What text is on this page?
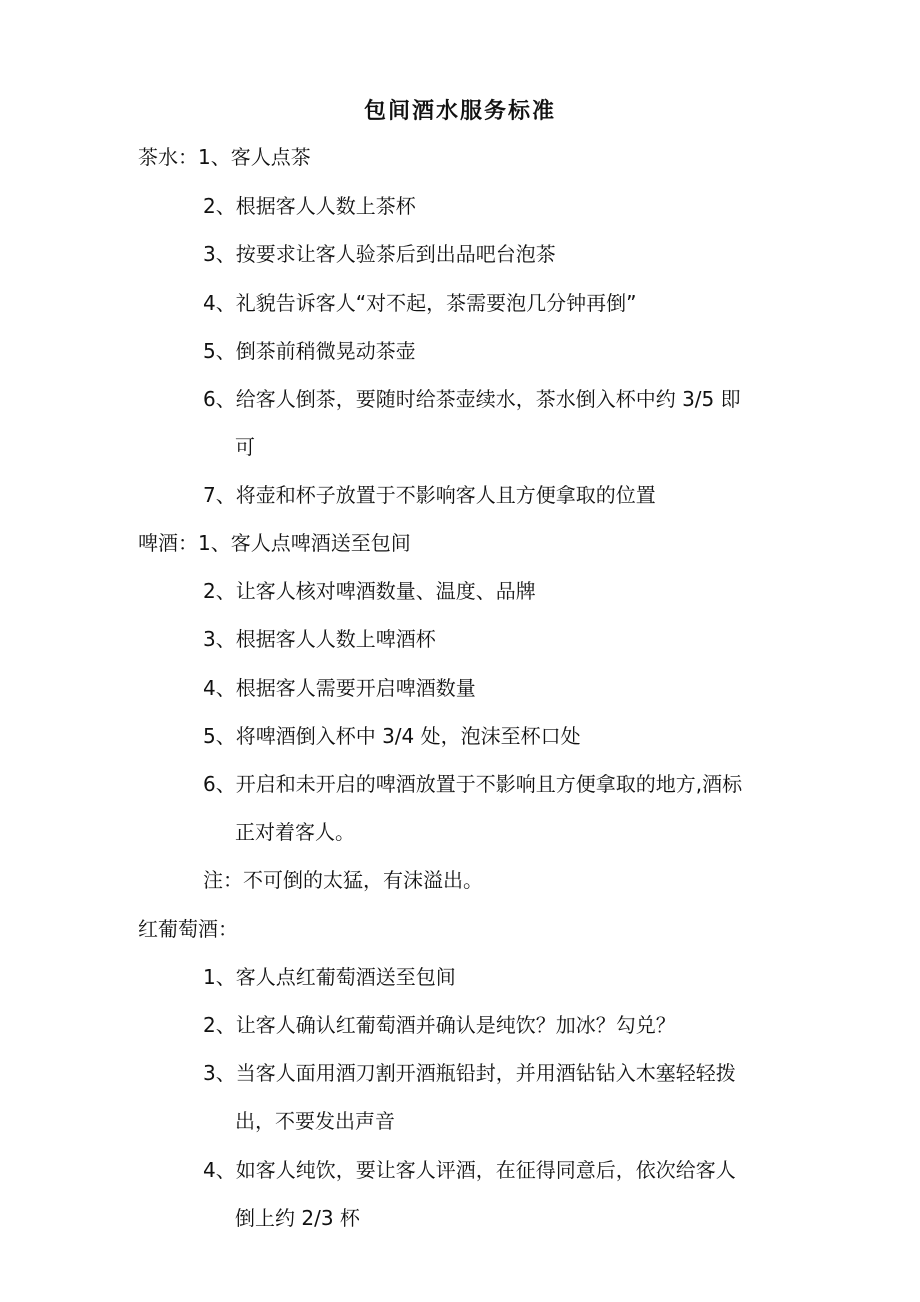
包间酒水服务标准
茶水：1、客人点茶
2、根据客人人数上茶杯
3、按要求让客人验茶后到出品吧台泡茶
4、礼貌告诉客人“对不起，茶需要泡几分钟再倒”
5、倒茶前稍微晃动茶壶
6、给客人倒茶，要随时给茶壶续水，茶水倒入杯中约 3/5 即
可
7、将壶和杯子放置于不影响客人且方便拿取的位置
啤酒：1、客人点啤酒送至包间
2、让客人核对啤酒数量、温度、品牌
3、根据客人人数上啤酒杯
4、根据客人需要开启啤酒数量
5、将啤酒倒入杯中 3/4 处，泡沫至杯口处
6、开启和未开启的啤酒放置于不影响且方便拿取的地方,酒标
正对着客人。
注：不可倒的太猛，有沫溢出。
红葡萄酒：
1、客人点红葡萄酒送至包间
2、让客人确认红葡萄酒并确认是纯饮？加冰？勾兑？
3、当客人面用酒刀割开酒瓶铅封，并用酒钻钻入木塞轻轻拨
出，不要发出声音
4、如客人纯饮，要让客人评酒，在征得同意后，依次给客人
倒上约 2/3 杯
